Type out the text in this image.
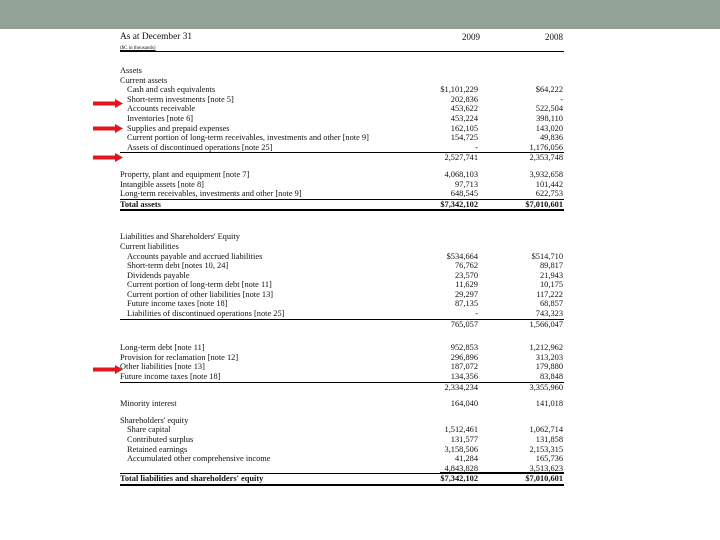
As at December 31
($C in thousands)
2009	2008
Assets
Current assets
Cash and cash equivalents	$1,101,229	$64,222
Short-term investments [note 5]	202,836	-
Accounts receivable	453,622	522,504
Inventories [note 6]	453,224	398,110
Supplies and prepaid expenses	162,105	143,020
Current portion of long-term receivables, investments and other [note 9]	154,725	49,836
Assets of discontinued operations [note 25]	-	1,176,056
2,527,741	2,353,748
Property, plant and equipment [note 7]	4,068,103	3,932,658
Intangible assets [note 8]	97,713	101,442
Long-term receivables, investments and other [note 9]	648,545	622,753
Total assets	$7,342,102	$7,010,601
Liabilities and Shareholders' Equity
Current liabilities
Accounts payable and accrued liabilities	$534,664	$514,710
Short-term debt [notes 10, 24]	76,762	89,817
Dividends payable	23,570	21,943
Current portion of long-term debt [note 11]	11,629	10,175
Current portion of other liabilities [note 13]	29,297	117,222
Future income taxes [note 18]	87,135	68,857
Liabilities of discontinued operations [note 25]	-	743,323
765,057	1,566,047
Long-term debt [note 11]	952,853	1,212,962
Provision for reclamation [note 12]	296,896	313,203
Other liabilities [note 13]	187,072	179,880
Future income taxes [note 18]	134,356	83,848
2,334,234	3,355,960
Minority interest	164,040	141,018
Shareholders' equity
Share capital	1,512,461	1,062,714
Contributed surplus	131,577	131,858
Retained earnings	3,158,506	2,153,315
Accumulated other comprehensive income	41,284	165,736
4,843,828	3,513,623
Total liabilities and shareholders' equity	$7,342,102	$7,010,601
